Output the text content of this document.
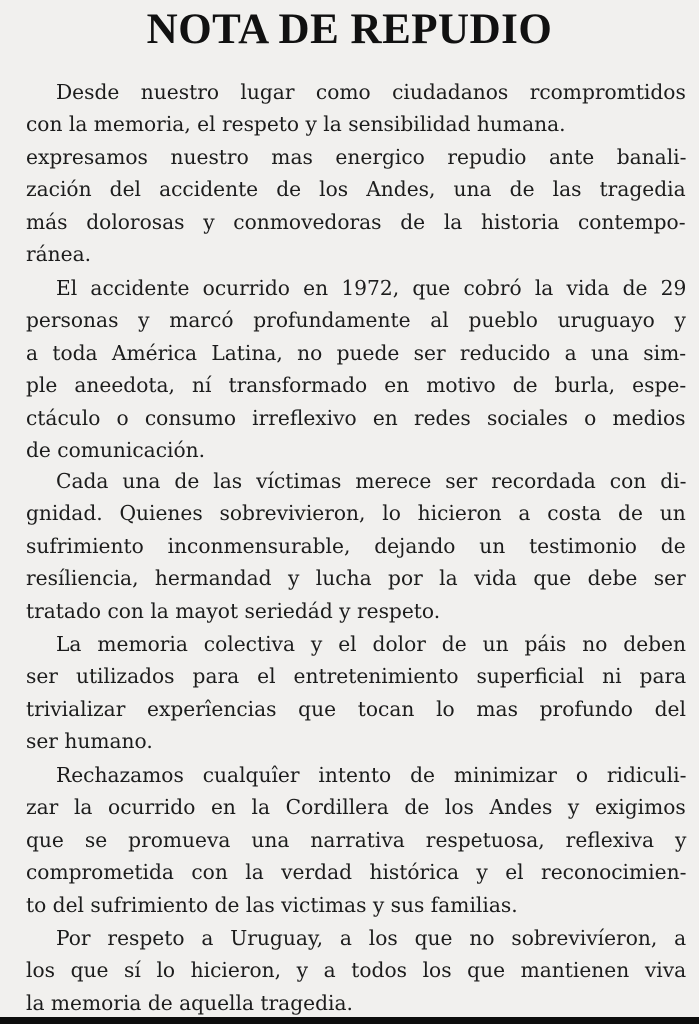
NOTA DE REPUDIO

Desde nuestro lugar como ciudadanos rcompromtidos
con la memoria, el respeto y la sensibilidad humana.
expresamos nuestro mas energico repudio ante banali-
zación del accidente de los Andes, una de las tragedia
más dolorosas y conmovedoras de la historia contempo-
ránea.

El accidente ocurrido en 1972, que cobró la vida de 29
personas y marcó profundamente al pueblo uruguayo y
a toda América Latina, no puede ser reducido a una sim-
ple aneedota, ní transformado en motivo de burla, espe-
ctáculo o consumo irreflexivo en redes sociales o medios
de comunicación.

Cada una de las víctimas merece ser recordada con di-
gnidad. Quienes sobrevivieron, lo hicieron a costa de un
sufrimiento inconmensurable, dejando un testimonio de
resíliencia, hermandad y lucha por la vida que debe ser
tratado con la mayot seriedád y respeto.

La memoria colectiva y el dolor de un páis no deben
ser utilizados para el entretenimiento superficial ni para
trivializar experîencias que tocan lo mas profundo del
ser humano.

Rechazamos cualquîer intento de minimizar o ridiculi-
zar la ocurrido en la Cordillera de los Andes y exigimos
que se promueva una narrativa respetuosa, reflexiva y
comprometida con la verdad histórica y el reconocimien-
to del sufrimiento de las victimas y sus familias.

Por respeto a Uruguay, a los que no sobrevivíeron, a
los que sí lo hicieron, y a todos los que mantienen viva
la memoria de aquella tragedia.
